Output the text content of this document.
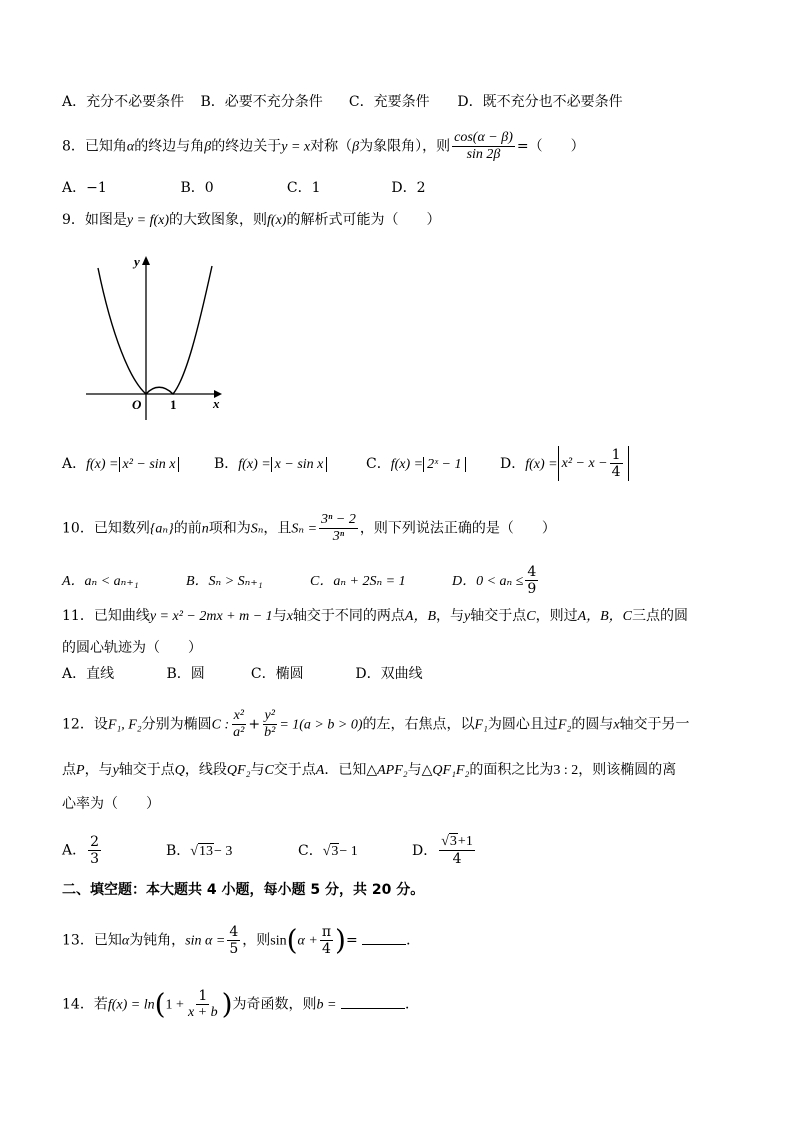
A．充分不必要条件 B．必要不充分条件 C．充要条件 D．既不充分也不必要条件
8．已知角α的终边与角β的终边关于y = x对称（β为象限角），则 $\frac{\cos(\alpha - \beta)}{\sin 2\beta}$ =（　　）
A．−1	B．0	C．1	D．2
9．如图是y = f(x)的大致图象，则f(x)的解析式可能为（　　）
y
x
O 1
A．f(x) = x² − sin x	B．f(x) = x − sin x	C．f(x) = 2ˣ − 1	D．$f(x) = x^2 - x - \frac{1}{4}$
10．已知数列{aₙ}的前n项和为Sₙ，且$S_n = \frac{\text{3ⁿ − 2}}{\text{3ⁿ}}$ ，则下列说法正确的是（　　）
A．aₙ < aₙ₊₁	B．Sₙ > Sₙ₊₁	C．aₙ + 2Sₙ = 1	D．$0 < a_n \le \frac{4}{9}$
11．已知曲线y = x² − 2mx + m − 1与x轴交于不同的两点A，B，与y轴交于点C，则过A，B，C三点的圆
的圆心轨迹为（　　）
A．直线	B．圆	C．椭圆	D．双曲线
12．设F₁, F₂分别为椭圆C : $\frac{\text{x²}}{\text{a²}} + \frac{\text{y²}}{\text{b²}} = 1(a > b > 0)$的左，右焦点，以F₁为圆心且过F₂的圆与x轴交于另一
点P，与y轴交于点Q，线段QF₂与C交于点A．已知△APF₂与△QF₁F₂的面积之比为3 : 2，则该椭圆的离
心率为（　　）
A． $\frac{2}{3}$	B．√13− 3	C．√3− 1	D． $\frac{√3+1}{4}$
二、填空题：本大题共 4 小题，每小题 5 分，共 20 分。
13．已知α为钝角，$\sin \alpha = \frac{4}{5}$ ，则$\sin(\alpha + \frac{\pi}{4}$ )=	．
14．若$f(x) = \ln(1 + \frac{1}{x + b}$ )为奇函数，则b =	．
